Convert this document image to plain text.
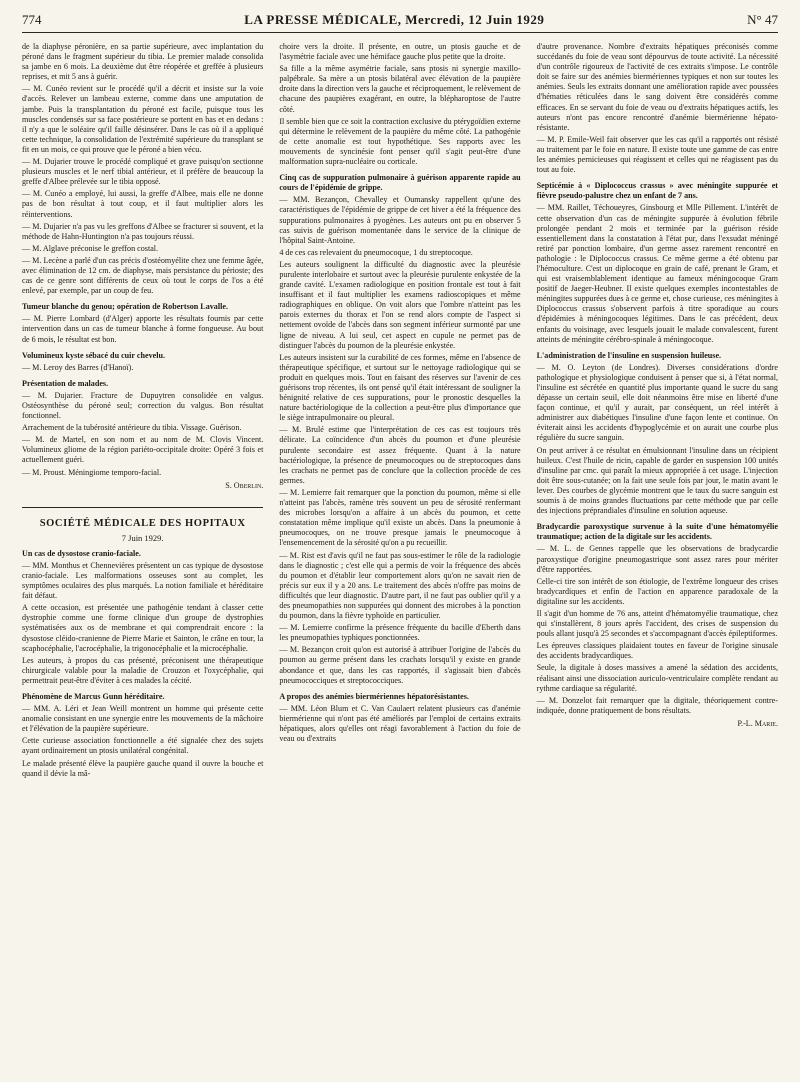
774	LA PRESSE MÉDICALE, Mercredi, 12 Juin 1929	N° 47

de la diaphyse péronière, en sa partie supérieure, avec implantation du péroné dans le fragment supérieur du tibia. Le premier malade consolida sa jambe en 6 mois. La deuxième dut être réopérée et greffée à plusieurs reprises, et mit 5 ans à guérir.

— M. Cunéo revient sur le procédé qu'il a décrit et insiste sur la voie d'accès. Relever un lambeau externe, comme dans une amputation de jambe. Puis la transplantation du péroné est facile, puisque tous les muscles condensés sur sa face postérieure se portent en bas et en dedans : il n'y a que le soléaire qu'il faille désinsérer. Dans le cas où il a appliqué cette technique, la consolidation de l'extrémité supérieure du transplant se fit en un mois, ce qui prouve que le péroné a bien vécu.

— M. Dujarier trouve le procédé compliqué et grave puisqu'on sectionne plusieurs muscles et le nerf tibial antérieur, et il préfère de beaucoup la greffe d'Albee prélevée sur le tibia opposé.

— M. Cunéo a employé, lui aussi, la greffe d'Albee, mais elle ne donne pas de bon résultat à tout coup, et il faut multiplier alors les réinterventions.

— M. Dujarier n'a pas vu les greffons d'Albee se fracturer si souvent, et la méthode de Hahn-Huntington n'a pas toujours réussi.

— M. Alglave préconise le greffon costal.

— M. Lecène a parlé d'un cas précis d'ostéomyélite chez une femme âgée, avec élimination de 12 cm. de diaphyse, mais persistance du périoste; des cas de ce genre sont différents de ceux où tout le corps de l'os a été enlevé, par exemple, par un coup de feu.

Tumeur blanche du genou; opération de Robertson Lavalle.

— M. Pierre Lombard (d'Alger) apporte les résultats fournis par cette intervention dans un cas de tumeur blanche à forme fongueuse. Au bout de 6 mois, le résultat est bon.

Volumineux kyste sébacé du cuir chevelu.

— M. Leroy des Barres (d'Hanoï).

Présentation de malades.

— M. Dujarier. Fracture de Dupuytren consolidée en valgus. Ostéosynthèse du péroné seul; correction du valgus. Bon résultat fonctionnel.

Arrachement de la tubérosité antérieure du tibia. Vissage. Guérison.

— M. de Martel, en son nom et au nom de M. Clovis Vincent. Volumineux gliome de la région pariéto-occipitale droite: Opéré 3 fois et actuellement guéri.

— M. Proust. Méningiome temporo-facial.

S. Oberlin.

SOCIÉTÉ MÉDICALE DES HOPITAUX
7 Juin 1929.

Un cas de dysostose cranio-faciale.

— MM. Monthus et Chennevières présentent un cas typique de dysostose cranio-faciale. Les malformations osseuses sont au complet, les symptômes oculaires des plus marqués. La notion familiale et héréditaire fait défaut.

A cette occasion, est présentée une pathogénie tendant à classer cette dystrophie comme une forme clinique d'un groupe de dystrophies systématisées aux os de membrane et qui comprendrait encore : la dysostose cléido-cranienne de Pierre Marie et Sainton, le crâne en tour, la scaphocéphalie, l'acrocéphalie, la trigonocéphalie et la microcéphalie.

Les auteurs, à propos du cas présenté, préconisent une thérapeutique chirurgicale valable pour la maladie de Crouzon et l'oxycéphalie, qui permettrait peut-être d'éviter à ces malades la cécité.

Phénomène de Marcus Gunn héréditaire.

— MM. A. Léri et Jean Weill montrent un homme qui présente cette anomalie consistant en une synergie entre les mouvements de la mâchoire et l'élévation de la paupière supérieure.

Cette curieuse association fonctionnelle a été signalée chez des sujets ayant ordinairement un ptosis unilatéral congénital.

Le malade présenté élève la paupière gauche quand il ouvre la bouche et quand il dévie la mâ-

choire vers la droite. Il présente, en outre, un ptosis gauche et de l'asymétrie faciale avec une hémiface gauche plus petite que la droite.

Sa fille a la même asymétrie faciale, sans ptosis ni synergie maxillo-palpébrale. Sa mère a un ptosis bilatéral avec élévation de la paupière droite dans la direction vers la gauche et réciproquement, le relèvement de chacune des paupières exagérant, en outre, la blépharoptose de l'autre côté.

Il semble bien que ce soit la contraction exclusive du ptérygoïdien externe qui détermine le relèvement de la paupière du même côté. La pathogénie de cette anomalie est tout hypothétique. Ses rapports avec les mouvements de syncinésie font penser qu'il s'agit peut-être d'une malformation supra-nucléaire ou corticale.

Cinq cas de suppuration pulmonaire à guérison apparente rapide au cours de l'épidémie de grippe.

— MM. Bezançon, Chevalley et Oumansky rappellent qu'une des caractéristiques de l'épidémie de grippe de cet hiver a été la fréquence des suppurations pulmonaires à pyogènes. Les auteurs ont pu en observer 5 cas suivis de guérison momentanée dans le service de la clinique de l'hôpital Saint-Antoine.

4 de ces cas relevaient du pneumocoque, 1 du streptocoque.

Les auteurs soulignent la difficulté du diagnostic avec la pleurésie purulente interlobaire et surtout avec la pleurésie purulente enkystée de la grande cavité. L'examen radiologique en position frontale est tout à fait insuffisant et il faut multiplier les examens radioscopiques et même radiographiques en oblique. On voit alors que l'ombre n'atteint pas les parois externes du thorax et l'on se rend alors compte de l'aspect si nettement ovoïde de l'abcès dans son segment inférieur surmonté par une ligne de niveau. A lui seul, cet aspect en cupule ne permet pas de distinguer l'abcès du poumon de la pleurésie enkystée.

Les auteurs insistent sur la curabilité de ces formes, même en l'absence de thérapeutique spécifique, et surtout sur le nettoyage radiologique qui se produit en quelques mois. Tout en faisant des réserves sur l'avenir de ces guérisons trop récentes, ils ont pensé qu'il était intéressant de souligner la bénignité relative de ces suppurations, pour le pronostic desquelles la nature bactériologique de la collection a peut-être plus d'importance que le siège intrapulmonaire ou pleural.

— M. Brulé estime que l'interprétation de ces cas est toujours très délicate. La coïncidence d'un abcès du poumon et d'une pleurésie purulente secondaire est assez fréquente. Quant à la nature bactériologique, la présence de pneumocoques ou de streptocoques dans les crachats ne permet pas de conclure que la collection procède de ces germes.

— M. Lemierre fait remarquer que la ponction du poumon, même si elle n'atteint pas l'abcès, ramène très souvent un peu de sérosité renfermant des microbes lorsqu'on a affaire à un abcès du poumon, et cette constatation même implique qu'il existe un abcès. Dans la pneumonie à pneumocoques, on ne trouve presque jamais le pneumocoque à l'ensemencement de la sérosité qu'on a pu recueillir.

— M. Rist est d'avis qu'il ne faut pas sous-estimer le rôle de la radiologie dans le diagnostic ; c'est elle qui a permis de voir la fréquence des abcès du poumon et d'établir leur comportement alors qu'on ne savait rien de précis sur eux il y a 20 ans. Le traitement des abcès n'offre pas moins de difficultés que leur diagnostic. D'autre part, il ne faut pas oublier qu'il y a des pneumopathies non suppurées qui donnent des microbes à la ponction du poumon, dans la fièvre typhoïde en particulier.

— M. Lemierre confirme la présence fréquente du bacille d'Eberth dans les pneumopathies typhiques ponctionnées.

— M. Bezançon croit qu'on est autorisé à attribuer l'origine de l'abcès du poumon au germe présent dans les crachats lorsqu'il y existe en grande abondance et que, dans les cas rapportés, il s'agissait bien d'abcès pneumococciques et streptococciques.

A propos des anémies biermériennes hépatorésistantes.

— MM. Léon Blum et C. Van Caulaert relatent plusieurs cas d'anémie biermérienne qui n'ont pas été améliorés par l'emploi de certains extraits hépatiques, alors qu'elles ont réagi favorablement à l'action du foie de veau ou d'extraits

d'autre provenance. Nombre d'extraits hépatiques préconisés comme succédanés du foie de veau sont dépourvus de toute activité. La nécessité d'un contrôle rigoureux de l'activité de ces extraits s'impose. Le contrôle doit se faire sur des anémies biermériennes typiques et non sur toutes les anémies. Seuls les extraits donnant une amélioration rapide avec poussées d'hématies réticulées dans le sang doivent être considérés comme efficaces. En se servant du foie de veau ou d'extraits hépatiques actifs, les auteurs n'ont pas encore rencontré d'anémie biermérienne hépato-résistante.

— M. P. Emile-Weil fait observer que les cas qu'il a rapportés ont résisté au traitement par le foie en nature. Il existe toute une gamme de cas entre les anémies pernicieuses qui réagissent et celles qui ne réagissent pas du tout au foie.

Septicémie à « Diplococcus crassus » avec méningite suppurée et fièvre pseudo-palustre chez un enfant de 7 ans.

— MM. Raillet, Téchoueyres, Ginsbourg et Mlle Pillement. L'intérêt de cette observation d'un cas de méningite suppurée à évolution fébrile prolongée pendant 2 mois et terminée par la guérison réside essentiellement dans la constatation à l'état pur, dans l'exsudat méningé retiré par ponction lombaire, d'un germe assez rarement rencontré en pathologie : le Diplococcus crassus. Ce même germe a été obtenu par l'hémoculture. C'est un diplocoque en grain de café, prenant le Gram, et qui est vraisemblablement identique au fameux méningocoque Gram positif de Jaeger-Heubner. Il existe quelques exemples incontestables de méningites suppurées dues à ce germe et, chose curieuse, ces méningites à Diplococcus crassus s'observent parfois à titre sporadique au cours d'épidémies à méningocoques légitimes. Dans le cas précédent, deux enfants du voisinage, avec lesquels jouait le malade convalescent, furent atteints de méningite cérébro-spinale à méningocoque.

L'administration de l'insuline en suspension huileuse.

— M. O. Leyton (de Londres). Diverses considérations d'ordre pathologique et physiologique conduisent à penser que si, à l'état normal, l'insuline est sécrétée en quantité plus importante quand le sucre du sang dépasse un certain seuil, elle doit néanmoins être mise en liberté d'une façon continue, et qu'il y aurait, par conséquent, un réel intérêt à administrer aux diabétiques l'insuline d'une façon lente et continue. On éviterait ainsi les accidents d'hypoglycémie et on aurait une courbe plus régulière du sucre sanguin.

On peut arriver à ce résultat en émulsionnant l'insuline dans un récipient huileux. C'est l'huile de ricin, capable de garder en suspension 100 unités d'insuline par cmc. qui paraît la mieux appropriée à cet usage. L'injection doit être sous-cutanée; on la fait une seule fois par jour, le matin avant le lever. Des courbes de glycémie montrent que le taux du sucre sanguin est soumis à de moins grandes fluctuations par cette méthode que par celle des injections préprandiales d'insuline en solution aqueuse.

Bradycardie paroxystique survenue à la suite d'une hématomyélie traumatique; action de la digitale sur les accidents.

— M. L. de Gennes rappelle que les observations de bradycardie paroxystique d'origine pneumogastrique sont assez rares pour mériter d'être rapportées.

Celle-ci tire son intérêt de son étiologie, de l'extrême longueur des crises bradycardiques et enfin de l'action en apparence paradoxale de la digitaline sur les accidents.

Il s'agit d'un homme de 76 ans, atteint d'hématomyélie traumatique, chez qui s'installèrent, 8 jours après l'accident, des crises de suspension du pouls allant jusqu'à 25 secondes et s'accompagnant d'accès épileptiformes.

Les épreuves classiques plaidaient toutes en faveur de l'origine sinusale des accidents bradycardiques.

Seule, la digitale à doses massives a amené la sédation des accidents, réalisant ainsi une dissociation auriculo-ventriculaire complète rendant au rythme cardiaque sa régularité.

— M. Donzelot fait remarquer que la digitale, théoriquement contre-indiquée, donne pratiquement de bons résultats.

P.-L. Marie.
